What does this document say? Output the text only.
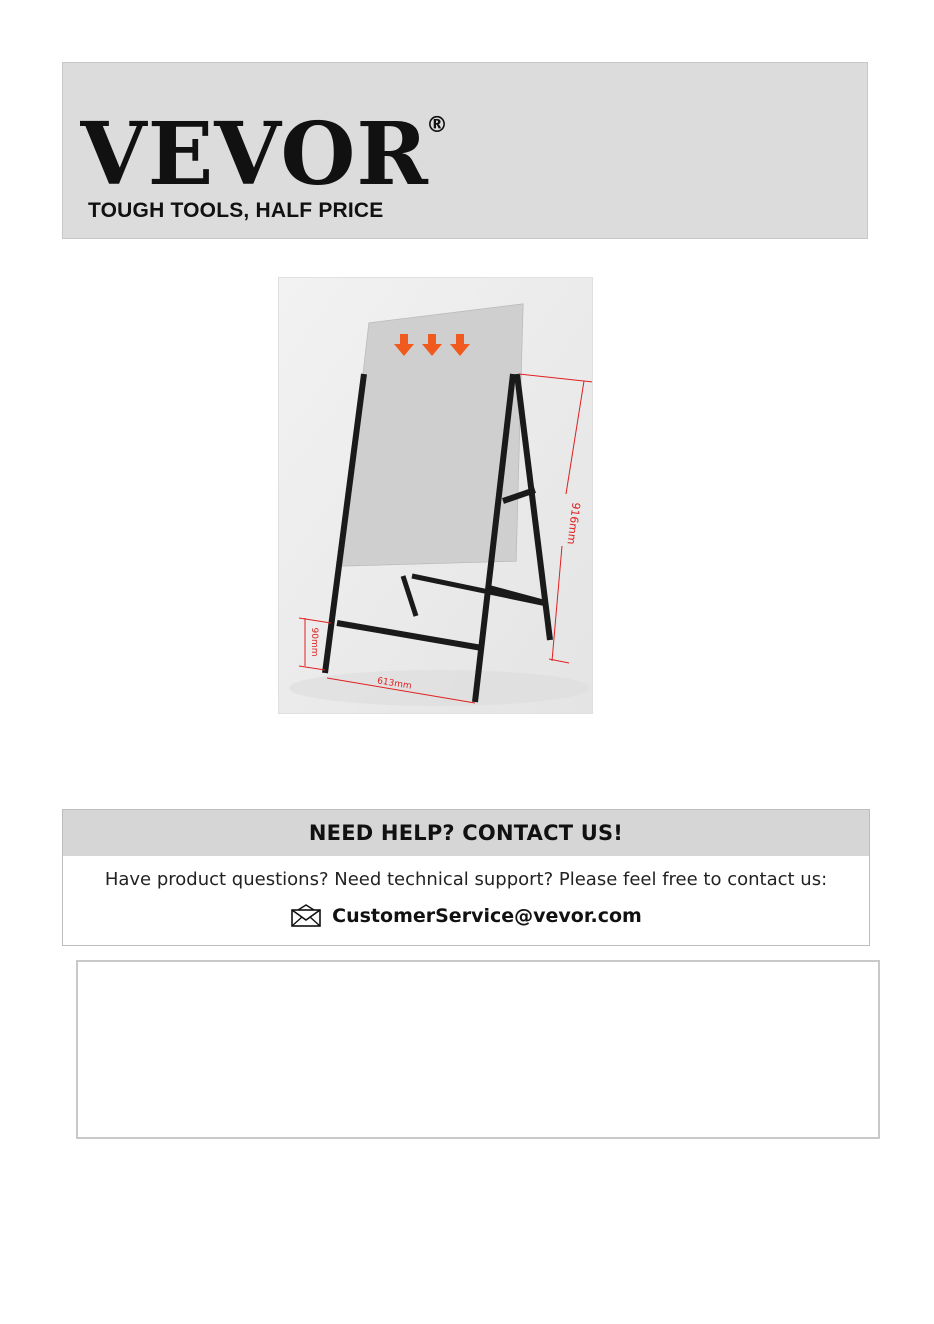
VEVOR
®
TOUGH TOOLS, HALF PRICE
916mm
613mm
90mm
NEED HELP? CONTACT US!
Have product questions? Need technical support? Please feel free to contact us:
CustomerService@vevor.com
